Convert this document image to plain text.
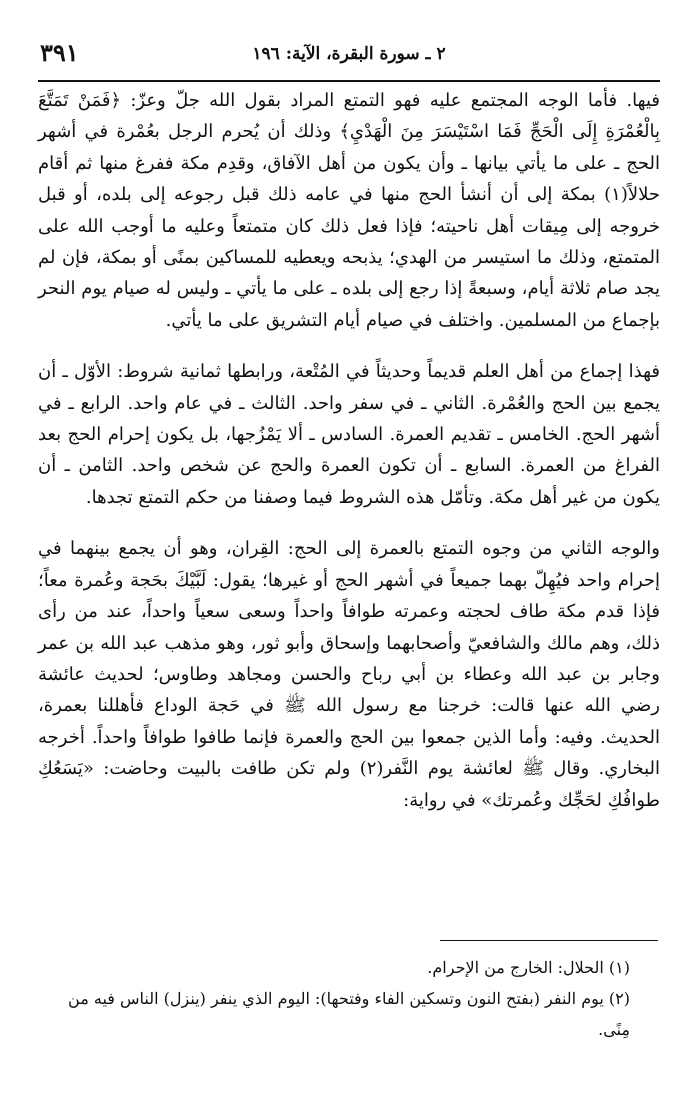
٢ ـ سورة البقرة، الآية: ١٩٦
٣٩١

فيها. فأما الوجه المجتمع عليه فهو التمتع المراد بقول الله جلّ وعزّ: ﴿فَمَنْ تَمَتَّعَ بِالْعُمْرَةِ إِلَى الْحَجِّ فَمَا اسْتَيْسَرَ مِنَ الْهَدْيِ﴾ وذلك أن يُحرم الرجل بعُمْرة في أشهر الحج ـ على ما يأتي بيانها ـ وأن يكون من أهل الآفاق، وقدِم مكة ففرغ منها ثم أقام حلالاً(١) بمكة إلى أن أنشأ الحج منها في عامه ذلك قبل رجوعه إلى بلده، أو قبل خروجه إلى مِيقات أهل ناحيته؛ فإذا فعل ذلك كان متمتعاً وعليه ما أوجب الله على المتمتع، وذلك ما استيسر من الهدي؛ يذبحه ويعطيه للمساكين بمنًى أو بمكة، فإن لم يجد صام ثلاثة أيام، وسبعةً إذا رجع إلى بلده ـ على ما يأتي ـ وليس له صيام يوم النحر بإجماع من المسلمين. واختلف في صيام أيام التشريق على ما يأتي.

فهذا إجماع من أهل العلم قديماً وحديثاً في المُتْعة، ورابطها ثمانية شروط: الأوّل ـ أن يجمع بين الحج والعُمْرة. الثاني ـ في سفر واحد. الثالث ـ في عام واحد. الرابع ـ في أشهر الحج. الخامس ـ تقديم العمرة. السادس ـ ألا يَمْزُجها، بل يكون إحرام الحج بعد الفراغ من العمرة. السابع ـ أن تكون العمرة والحج عن شخص واحد. الثامن ـ أن يكون من غير أهل مكة. وتأمّل هذه الشروط فيما وصفنا من حكم التمتع تجدها.

والوجه الثاني من وجوه التمتع بالعمرة إلى الحج: القِران، وهو أن يجمع بينهما في إحرام واحد فيُهِلّ بهما جميعاً في أشهر الحج أو غيرها؛ يقول: لَبَّيْكَ بحَجة وعُمرة معاً؛ فإذا قدم مكة طاف لحجته وعمرته طوافاً واحداً وسعى سعياً واحداً، عند من رأى ذلك، وهم مالك والشافعيّ وأصحابهما وإسحاق وأبو ثور، وهو مذهب عبد الله بن عمر وجابر بن عبد الله وعطاء بن أبي رباح والحسن ومجاهد وطاوس؛ لحديث عائشة رضي الله عنها قالت: خرجنا مع رسول الله ﷺ في حَجة الوداع فأهللنا بعمرة، الحديث. وفيه: وأما الذين جمعوا بين الحج والعمرة فإنما طافوا طوافاً واحداً. أخرجه البخاري. وقال ﷺ لعائشة يوم النَّفر(٢) ولم تكن طافت بالبيت وحاضت: «يَسَعُكِ طوافُكِ لحَجِّك وعُمرتك» في رواية:

(١) الحلال: الخارج من الإحرام.

(٢) يوم النفر (بفتح النون وتسكين الفاء وفتحها): اليوم الذي ينفر (ينزل) الناس فيه من مِنًى.
